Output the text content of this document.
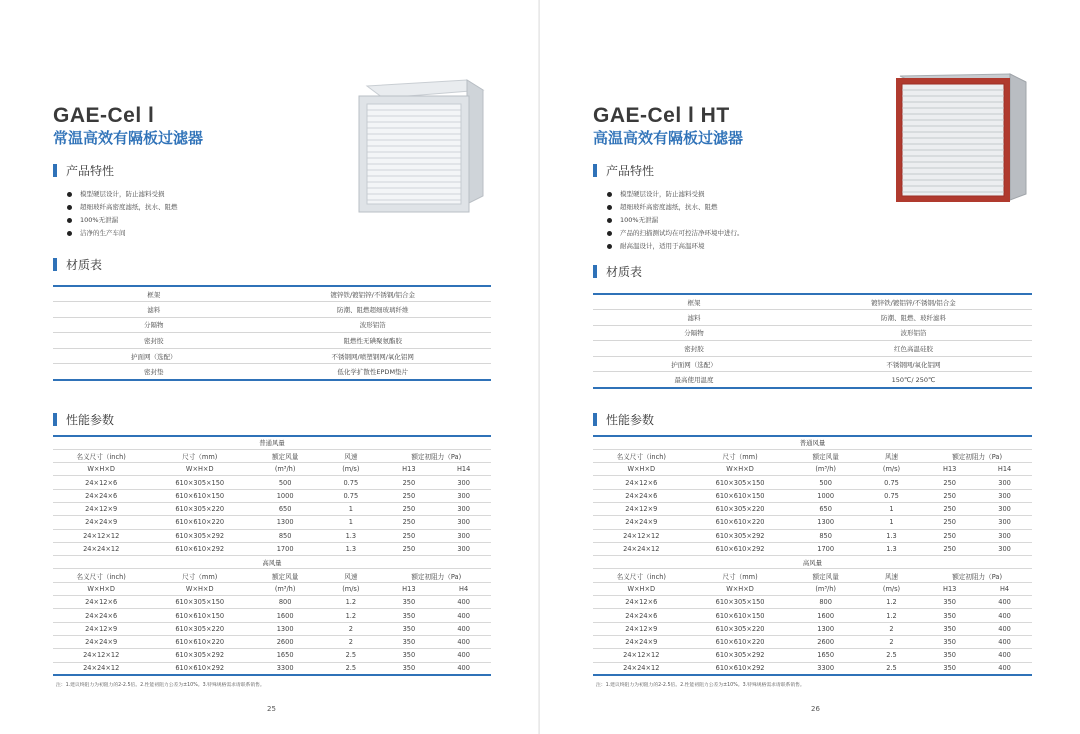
GAE-Cel l
常温高效有隔板过滤器
产品特性
模型硬层设计，防止滤料受损
超细玻纤高密度滤纸，抗水、阻燃
100%无泄漏
洁净的生产车间
材质表
框架	镀锌铁/镀铝锌/不锈钢/铝合金
滤料	防潮、阻燃超细玻璃纤维
分隔物	波形铝箔
密封胶	阻燃性无碘聚氨酯胶
护面网（选配）	不锈钢网/喷塑钢网/氧化铝网
密封垫	低化学扩散性EPDM垫片
性能参数
普通风量					
名义尺寸（inch)	尺寸（mm)	额定风量	风速	额定初阻力（Pa)	
W×H×D	W×H×D	(m³/h)	(m/s)	H13	H14
24×12×6	610×305×150	500	0.75	250	300
24×24×6	610×610×150	1000	0.75	250	300
24×12×9	610×305×220	650	1	250	300
24×24×9	610×610×220	1300	1	250	300
24×12×12	610×305×292	850	1.3	250	300
24×24×12	610×610×292	1700	1.3	250	300
高风量					
名义尺寸（inch)	尺寸（mm)	额定风量	风速	额定初阻力（Pa)	
W×H×D	W×H×D	(m³/h)	(m/s)	H13	H4
24×12×6	610×305×150	800	1.2	350	400
24×24×6	610×610×150	1600	1.2	350	400
24×12×9	610×305×220	1300	2	350	400
24×24×9	610×610×220	2600	2	350	400
24×12×12	610×305×292	1650	2.5	350	400
24×24×12	610×610×292	3300	2.5	350	400
注：1.建议终阻力为初阻力的2-2.5倍。2.性能初阻力公差为±10%。3.特殊规格需求请联系销售。
25
GAE-Cel l HT
高温高效有隔板过滤器
产品特性
模型硬层设计，防止滤料受损
超细玻纤高密度滤纸，抗水、阻燃
100%无泄漏
产品的扫描测试均在可控洁净环境中进行。
耐高温设计，适用于高温环境
材质表
框架	镀锌铁/镀铝锌/不锈钢/铝合金
滤料	防潮、阻燃、玻纤滤料
分隔物	波形铝箔
密封胶	红色高温硅胶
护面网（选配）	不锈钢网/氧化铝网
最高使用温度	150℃/ 250℃
性能参数
普通风量					
名义尺寸（inch)	尺寸（mm)	额定风量	风速	额定初阻力（Pa)	
W×H×D	W×H×D	(m³/h)	(m/s)	H13	H14
24×12×6	610×305×150	500	0.75	250	300
24×24×6	610×610×150	1000	0.75	250	300
24×12×9	610×305×220	650	1	250	300
24×24×9	610×610×220	1300	1	250	300
24×12×12	610×305×292	850	1.3	250	300
24×24×12	610×610×292	1700	1.3	250	300
高风量					
名义尺寸（inch)	尺寸（mm)	额定风量	风速	额定初阻力（Pa)	
W×H×D	W×H×D	(m³/h)	(m/s)	H13	H4
24×12×6	610×305×150	800	1.2	350	400
24×24×6	610×610×150	1600	1.2	350	400
24×12×9	610×305×220	1300	2	350	400
24×24×9	610×610×220	2600	2	350	400
24×12×12	610×305×292	1650	2.5	350	400
24×24×12	610×610×292	3300	2.5	350	400
注：1.建议终阻力为初阻力的2-2.5倍。2.性能初阻力公差为±10%。3.特殊规格需求请联系销售。
26
